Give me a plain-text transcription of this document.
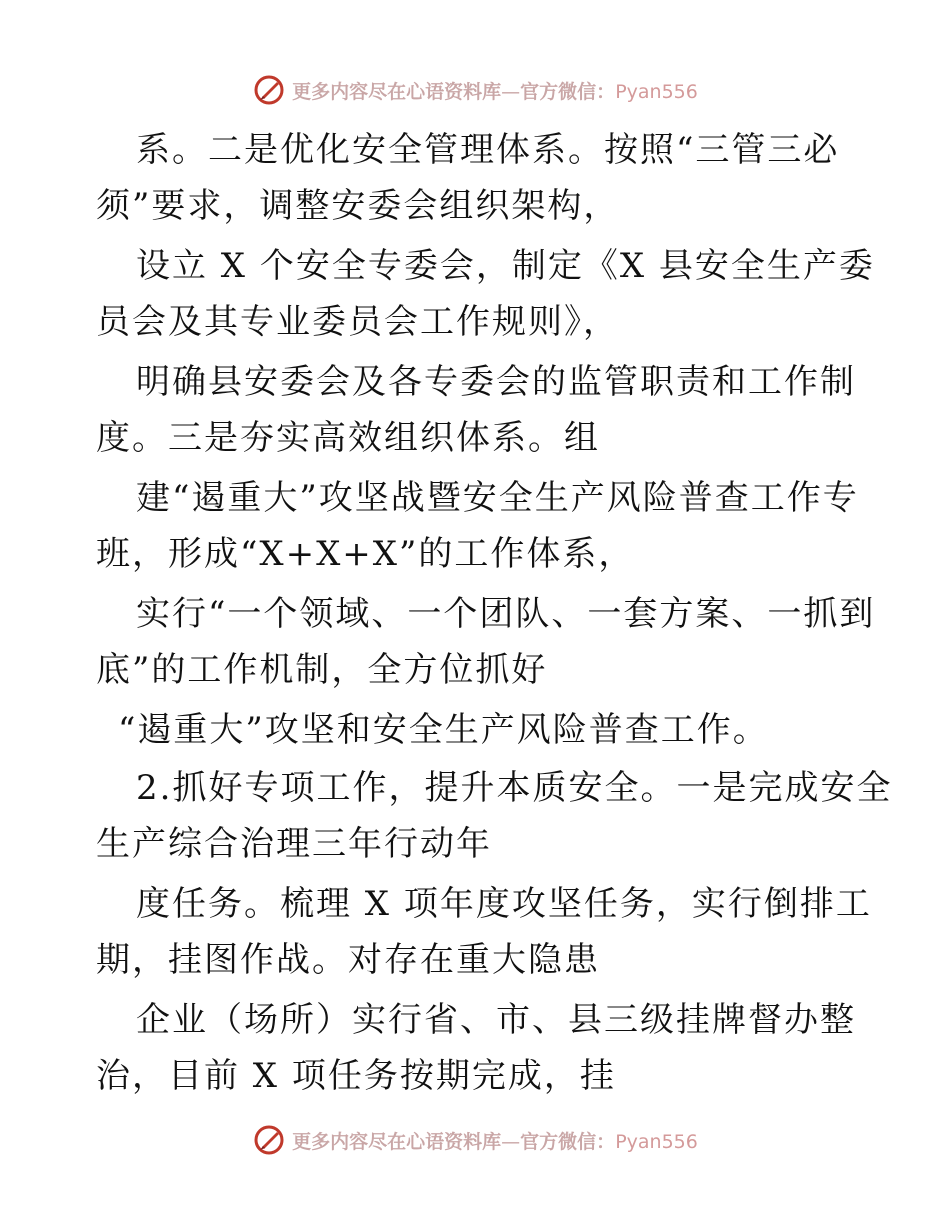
更多内容尽在心语资料库—官方微信：Pyan556
系。二是优化安全管理体系。按照“三管三必
须”要求，调整安委会组织架构，
设立 X 个安全专委会，制定《X 县安全生产委
员会及其专业委员会工作规则》，
明确县安委会及各专委会的监管职责和工作制
度。三是夯实高效组织体系。组
建“遏重大”攻坚战暨安全生产风险普查工作专
班，形成“X+X+X”的工作体系，
实行“一个领域、一个团队、一套方案、一抓到
底”的工作机制，全方位抓好
“遏重大”攻坚和安全生产风险普查工作。
2.抓好专项工作，提升本质安全。一是完成安全
生产综合治理三年行动年
度任务。梳理 X 项年度攻坚任务，实行倒排工
期，挂图作战。对存在重大隐患
企业（场所）实行省、市、县三级挂牌督办整
治，目前 X 项任务按期完成，挂
更多内容尽在心语资料库—官方微信：Pyan556
